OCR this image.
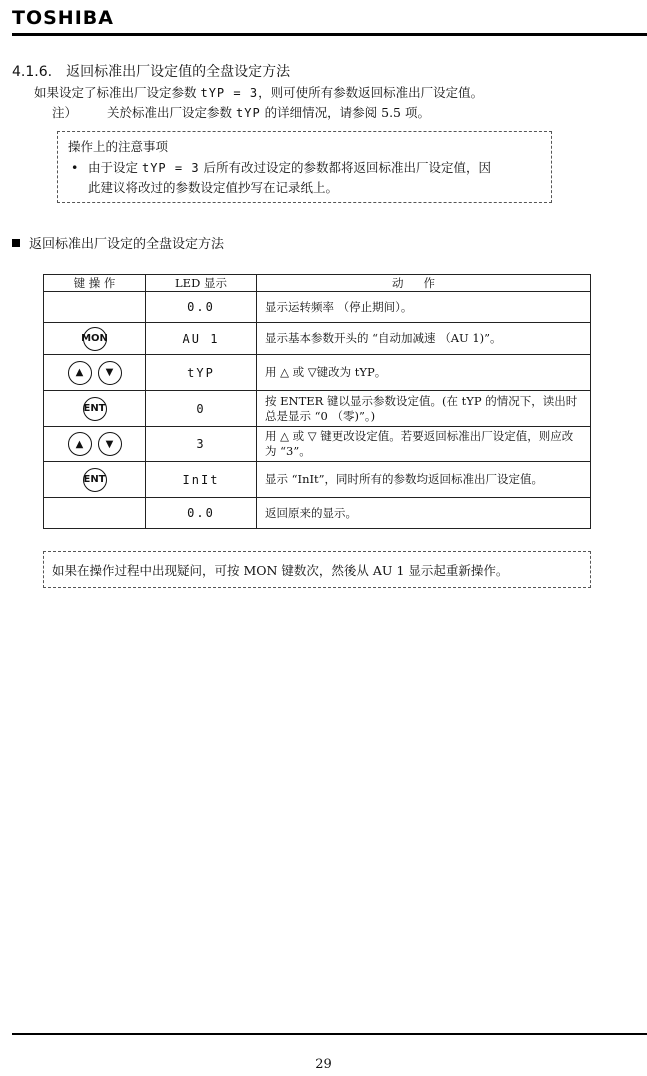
TOSHIBA
4.1.6. 返回标准出厂设定值的全盘设定方法
如果设定了标准出厂设定参数 tYP = 3，则可使所有参数返回标准出厂设定值。
注） 关於标准出厂设定参数 tYP 的详细情况，请参阅 5.5 项。
操作上的注意事项
• 由于设定 tYP = 3 后所有改过设定的参数都将返回标准出厂设定值，因
此建议将改过的参数设定值抄写在记录纸上。
返回标准出厂设定的全盘设定方法
键 操 作	LED 显示	动作
	0.0	显示运转频率 （停止期间）。
MON	AU 1	显示基本参数开头的 “自动加减速 （AU 1)”。
▲ ▼	tYP	用 △ 或 ▽键改为 tYP。
ENT	0	按 ENTER 键以显示参数设定值。(在 tYP 的情况下，读出时总是显示 “0 （零)”。)
▲ ▼	3	用 △ 或 ▽ 键更改设定值。若要返回标准出厂设定值，则应改为 “3”。
ENT	InIt	显示 “InIt”，同时所有的参数均返回标准出厂设定值。
	0.0	返回原来的显示。
如果在操作过程中出现疑问，可按 MON 键数次，然後从 AU 1 显示起重新操作。
29
